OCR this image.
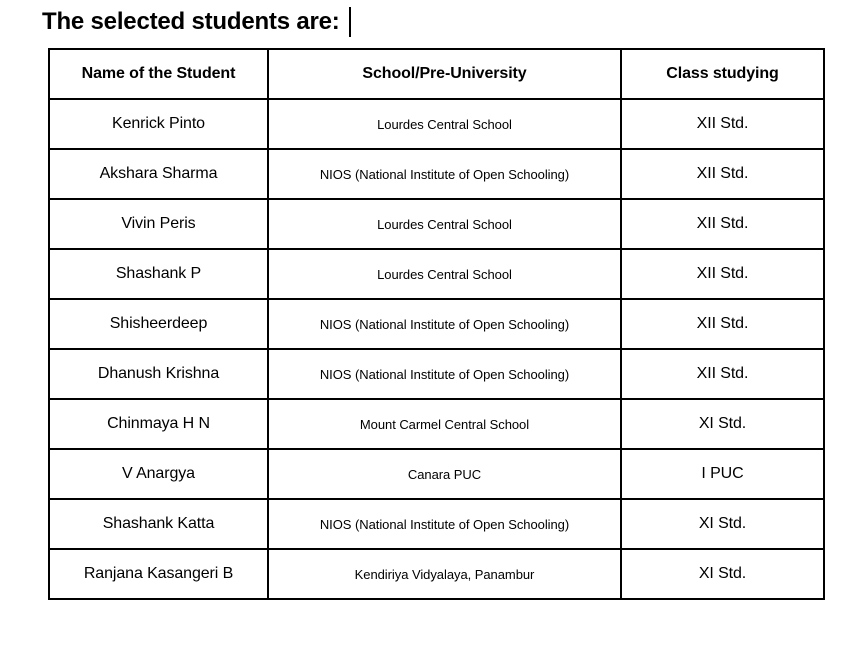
The selected students are:
Name of the Student	School/Pre-University	Class studying
Kenrick Pinto	Lourdes Central School	XII Std.
Akshara Sharma	NIOS (National Institute of Open Schooling)	XII Std.
Vivin Peris	Lourdes Central School	XII Std.
Shashank P	Lourdes Central School	XII Std.
Shisheerdeep	NIOS (National Institute of Open Schooling)	XII Std.
Dhanush Krishna	NIOS (National Institute of Open Schooling)	XII Std.
Chinmaya H N	Mount Carmel Central School	XI Std.
V Anargya	Canara PUC	I PUC
Shashank Katta	NIOS (National Institute of Open Schooling)	XI Std.
Ranjana Kasangeri B	Kendiriya Vidyalaya, Panambur	XI Std.
